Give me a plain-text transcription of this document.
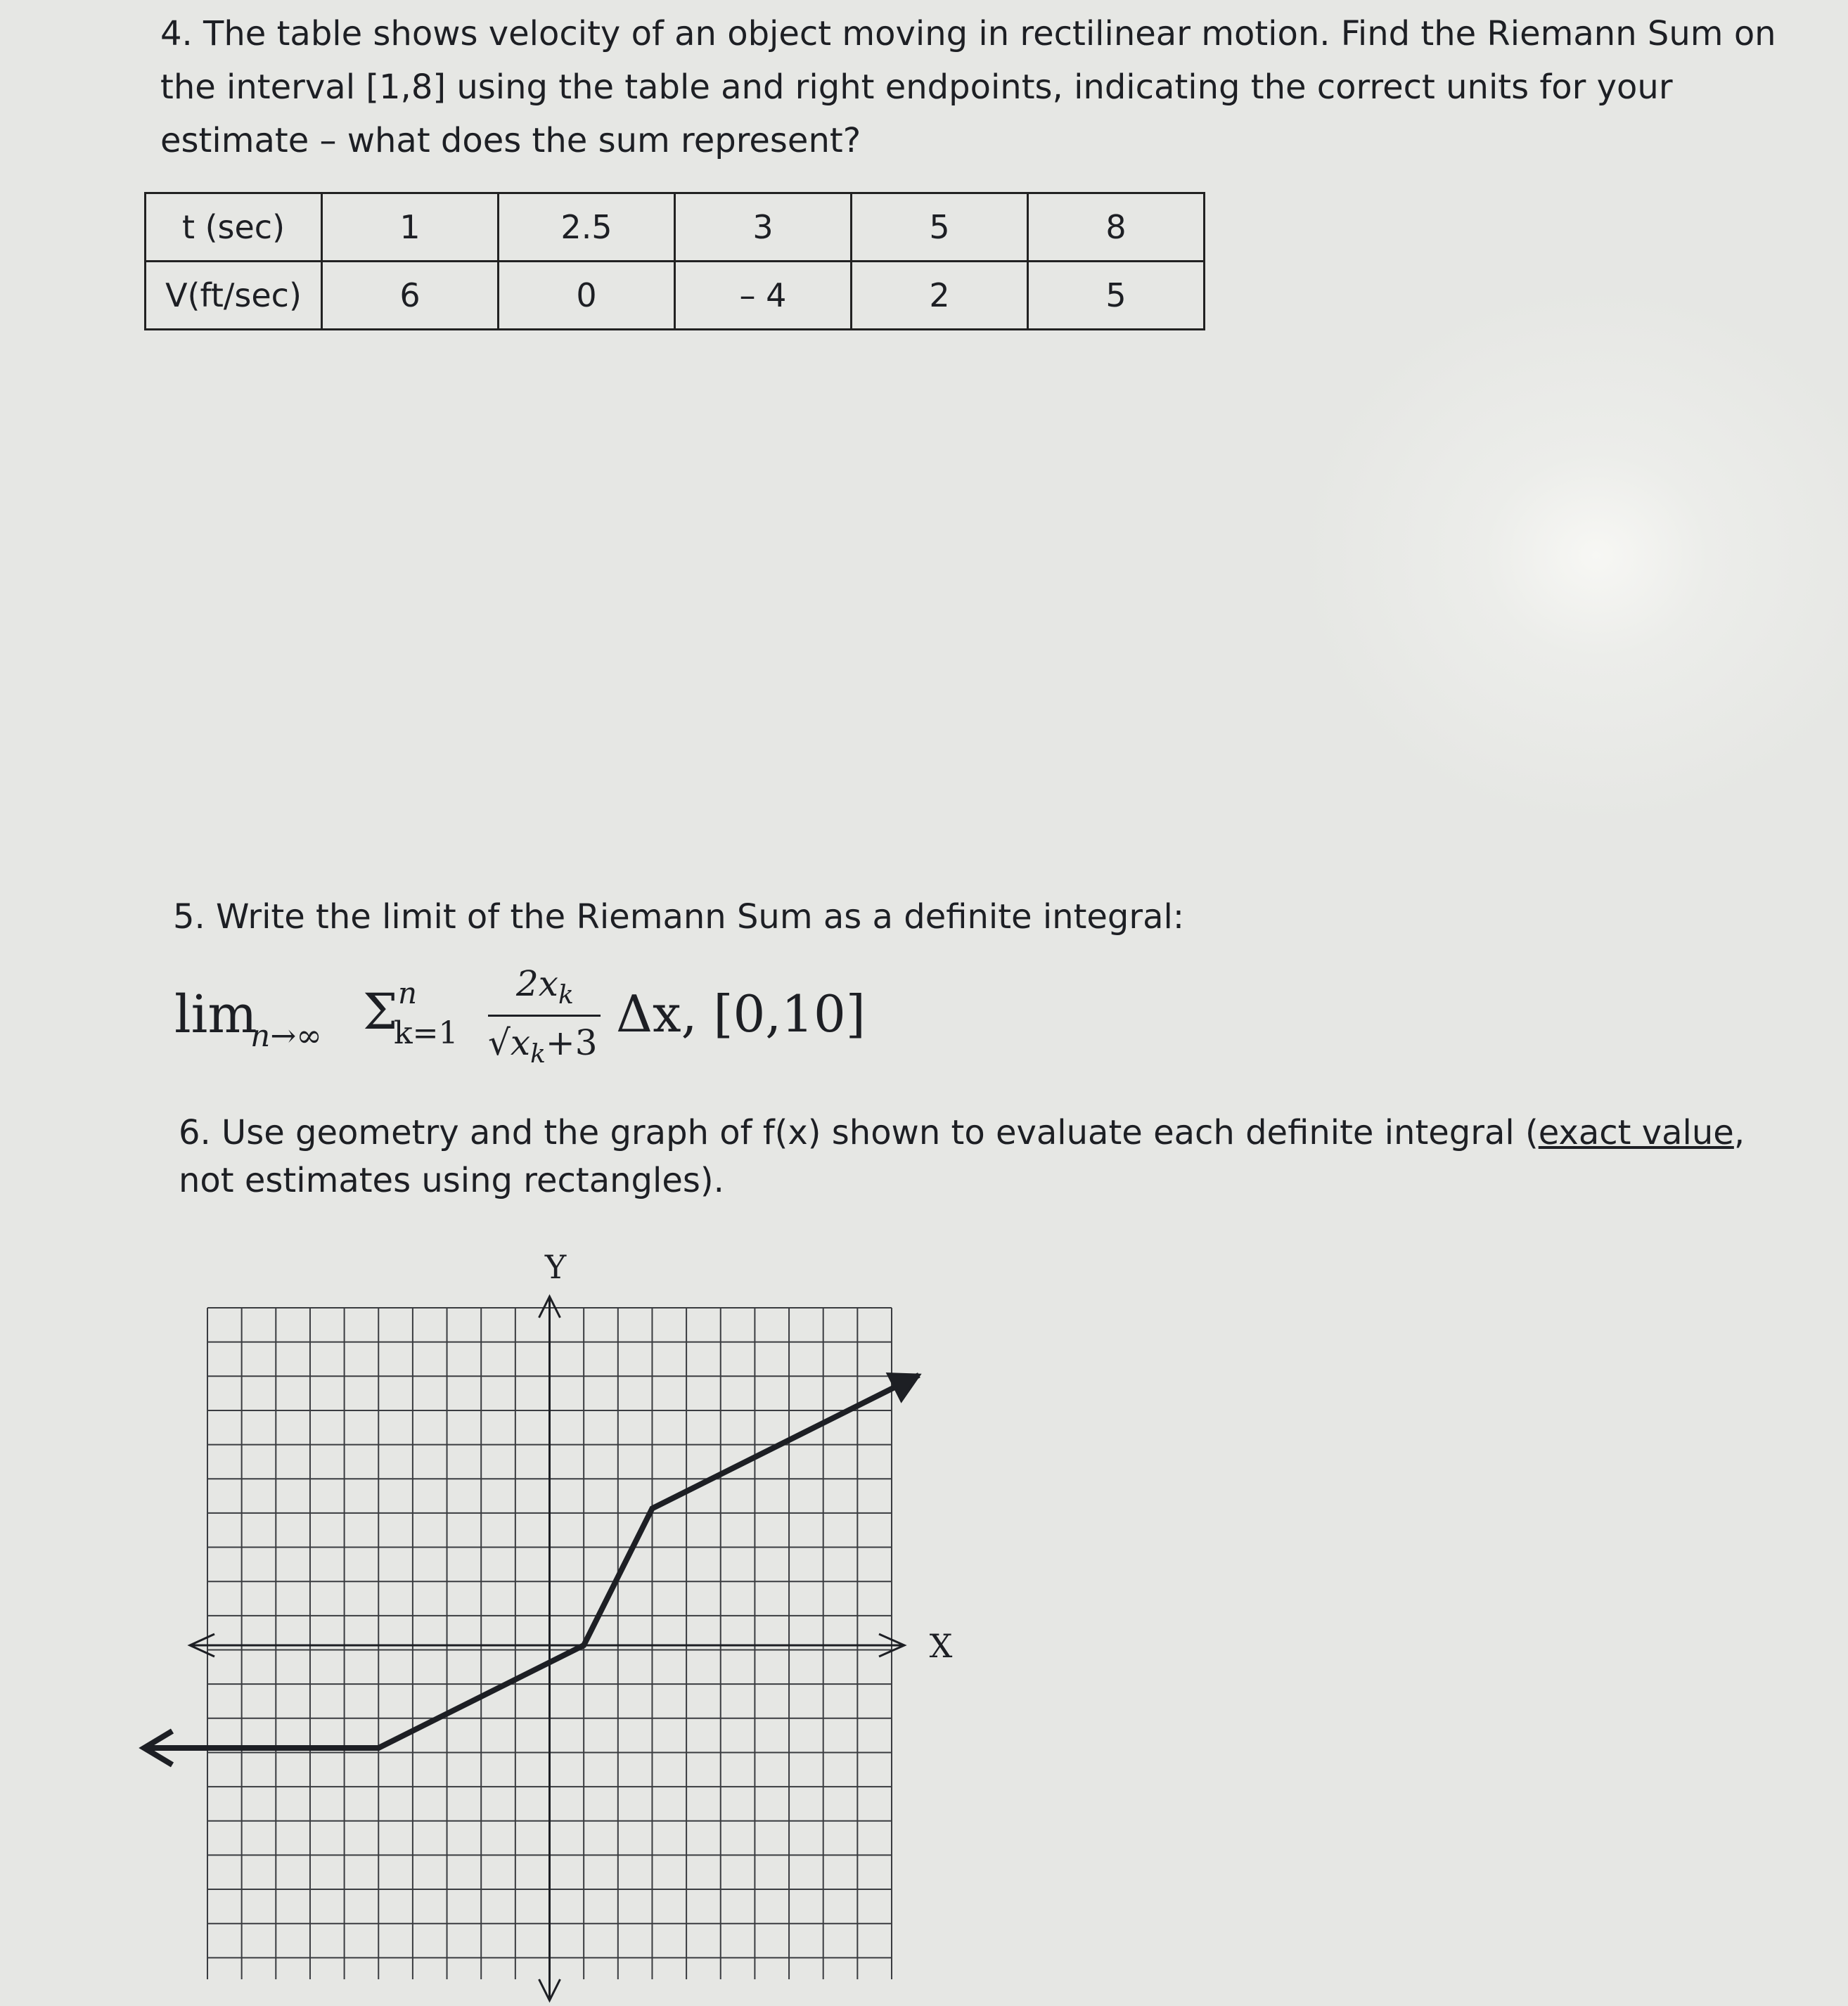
4. The table shows velocity of an object moving in rectilinear motion. Find the Riemann Sum on the interval [1,8] using the table and right endpoints, indicating the correct units for your estimate – what does the sum represent?

t (sec)	1	2.5	3	5	8
V(ft/sec)	6	0	– 4	2	5

5. Write the limit of the Riemann Sum as a definite integral:

lim
n→∞ Σ n
k=1
$2x_k$
$√x_k+3$ Δx, [0,10]

6. Use geometry and the graph of f(x) shown to evaluate each definite integral (exact value, not estimates using rectangles).

Y
X
